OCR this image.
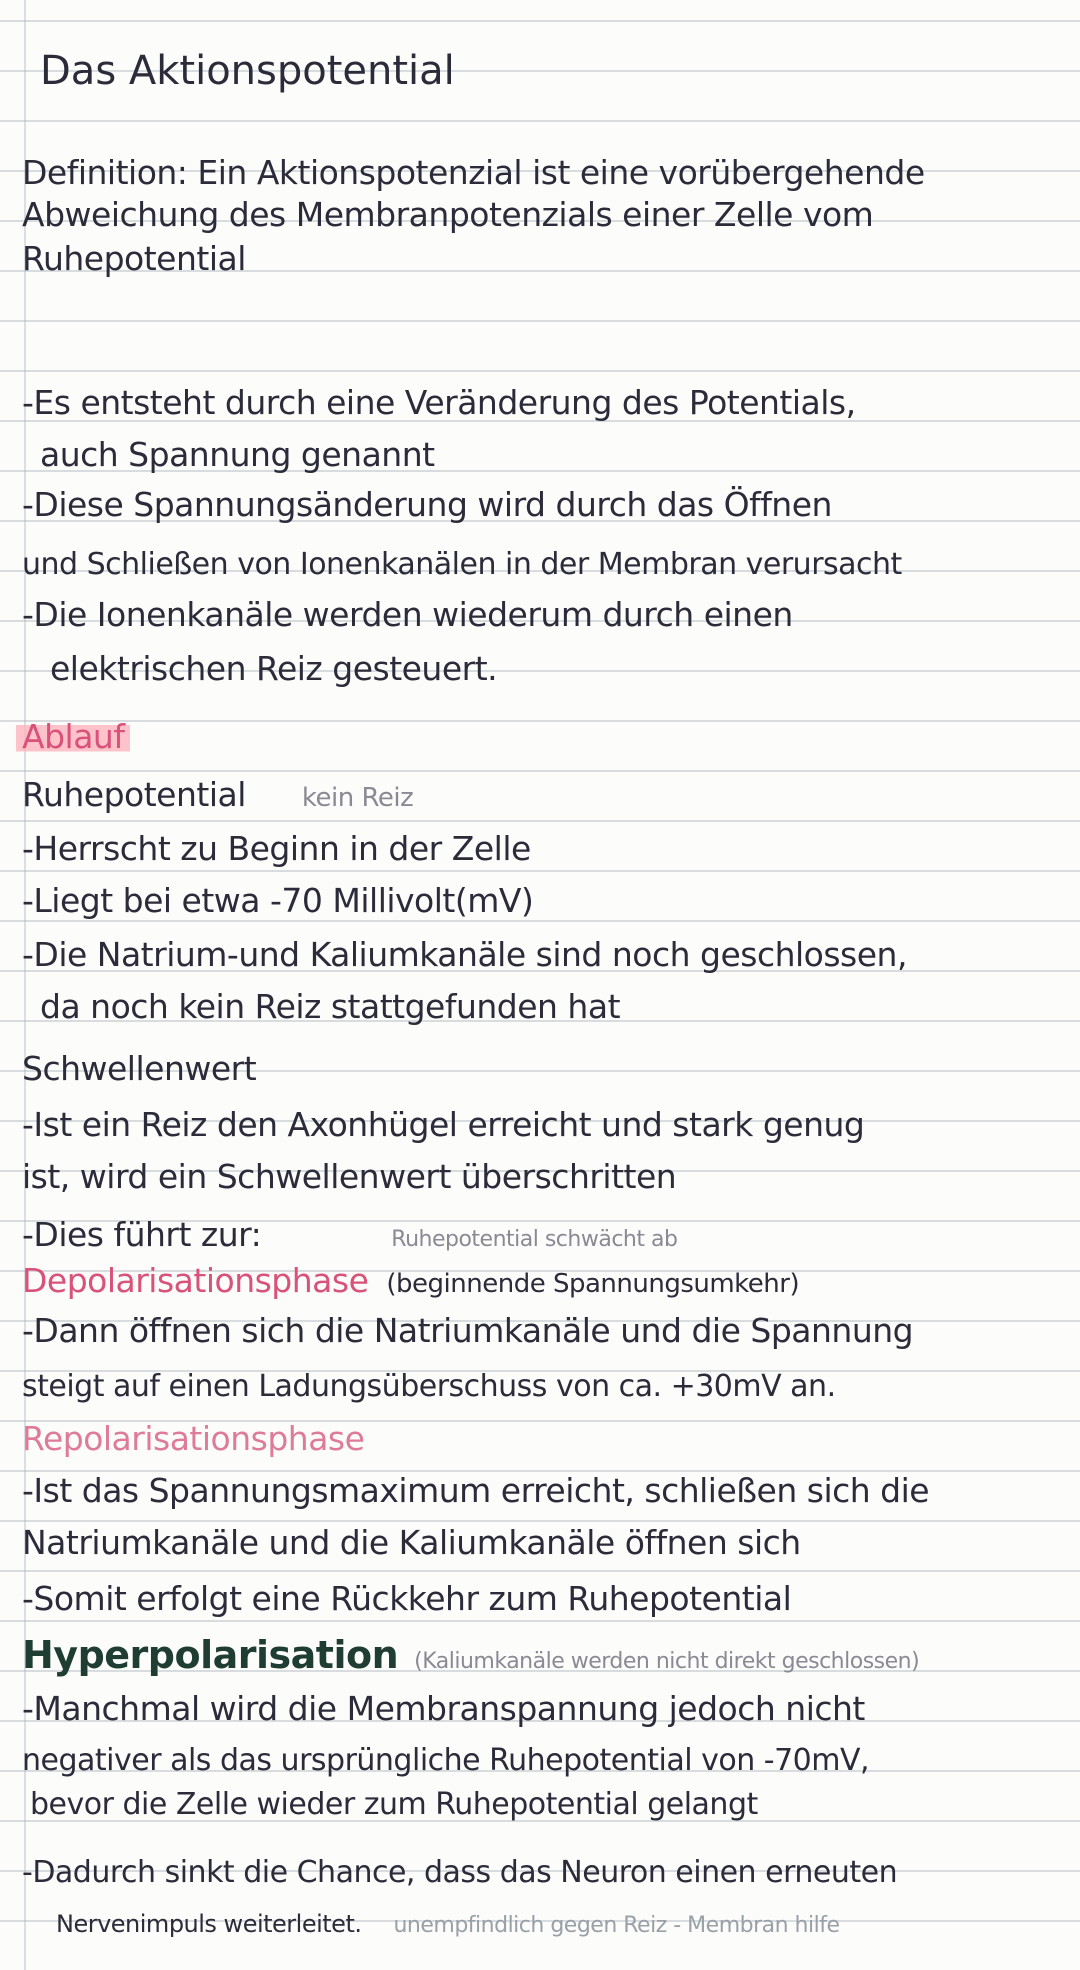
Das Aktionspotential
Definition: Ein Aktionspotenzial ist eine vorübergehende
Abweichung des Membranpotenzials einer Zelle vom
Ruhepotential
-Es entsteht durch eine Veränderung des Potentials,
auch Spannung genannt
-Diese Spannungsänderung wird durch das Öffnen
und Schließen von Ionenkanälen in der Membran verursacht
-Die Ionenkanäle werden wiederum durch einen
elektrischen Reiz gesteuert.
Ablauf
Ruhepotential kein Reiz
-Herrscht zu Beginn in der Zelle
-Liegt bei etwa -70 Millivolt(mV)
-Die Natrium-und Kaliumkanäle sind noch geschlossen,
da noch kein Reiz stattgefunden hat
Schwellenwert
-Ist ein Reiz den Axonhügel erreicht und stark genug
ist, wird ein Schwellenwert überschritten
-Dies führt zur:	Ruhepotential schwächt ab
Depolarisationsphase (beginnende Spannungsumkehr)
-Dann öffnen sich die Natriumkanäle und die Spannung
steigt auf einen Ladungsüberschuss von ca. +30mV an.
Repolarisationsphase
-Ist das Spannungsmaximum erreicht, schließen sich die
Natriumkanäle und die Kaliumkanäle öffnen sich
-Somit erfolgt eine Rückkehr zum Ruhepotential
Hyperpolarisation (Kaliumkanäle werden nicht direkt geschlossen)
-Manchmal wird die Membranspannung jedoch nicht
negativer als das ursprüngliche Ruhepotential von -70mV,
bevor die Zelle wieder zum Ruhepotential gelangt
-Dadurch sinkt die Chance, dass das Neuron einen erneuten
Nervenimpuls weiterleitet. unempfindlich gegen Reiz - Membran hilfe
